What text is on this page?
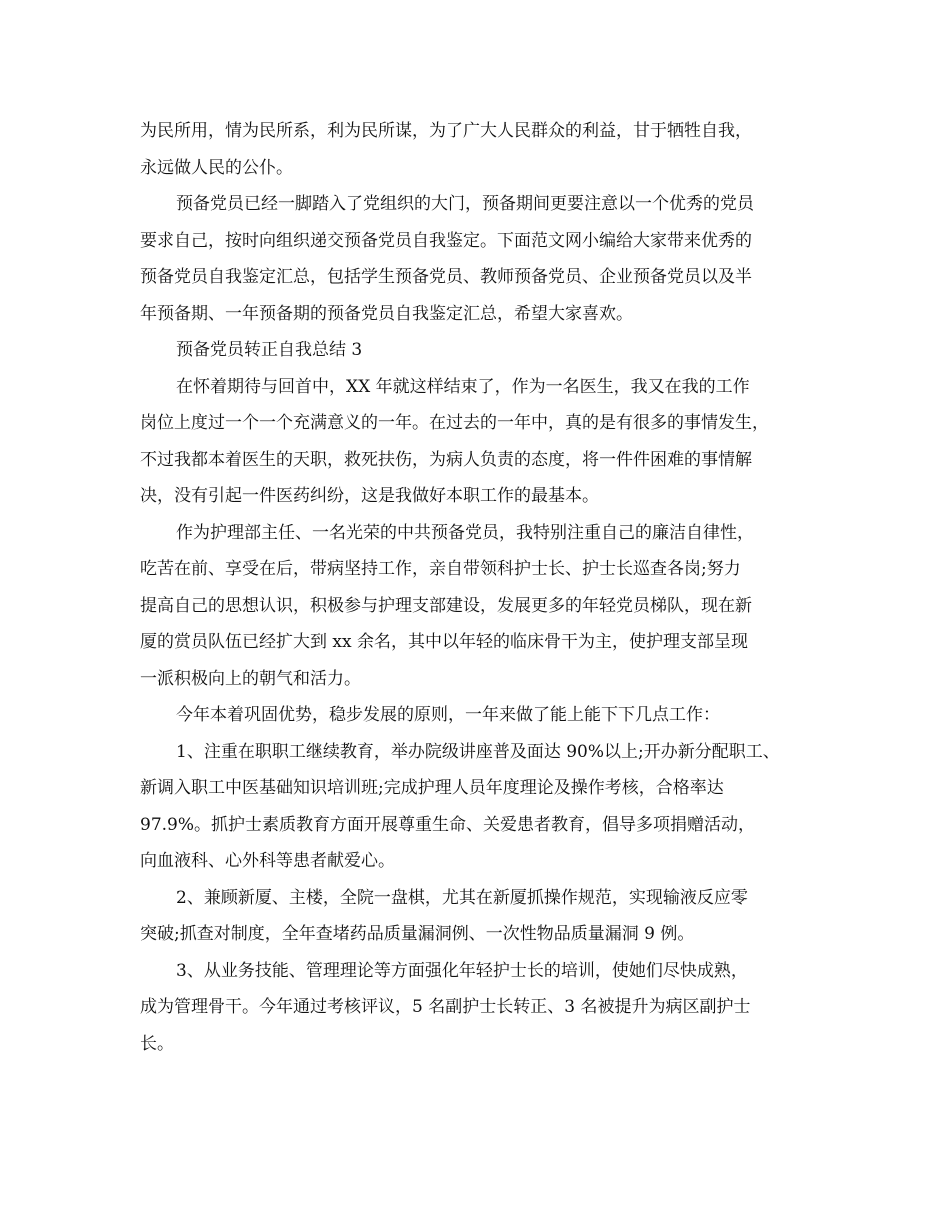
为民所用，情为民所系，利为民所谋，为了广大人民群众的利益，甘于牺牲自我，
永远做人民的公仆。
预备党员已经一脚踏入了党组织的大门，预备期间更要注意以一个优秀的党员
要求自己，按时向组织递交预备党员自我鉴定。下面范文网小编给大家带来优秀的
预备党员自我鉴定汇总，包括学生预备党员、教师预备党员、企业预备党员以及半
年预备期、一年预备期的预备党员自我鉴定汇总，希望大家喜欢。
预备党员转正自我总结 3
在怀着期待与回首中，XX 年就这样结束了，作为一名医生，我又在我的工作
岗位上度过一个一个充满意义的一年。在过去的一年中，真的是有很多的事情发生，
不过我都本着医生的天职，救死扶伤，为病人负责的态度，将一件件困难的事情解
决，没有引起一件医药纠纷，这是我做好本职工作的最基本。
作为护理部主任、一名光荣的中共预备党员，我特别注重自己的廉洁自律性，
吃苦在前、享受在后，带病坚持工作，亲自带领科护士长、护士长巡查各岗;努力
提高自己的思想认识，积极参与护理支部建设，发展更多的年轻党员梯队，现在新
厦的赏员队伍已经扩大到 xx 余名，其中以年轻的临床骨干为主，使护理支部呈现
一派积极向上的朝气和活力。
今年本着巩固优势，稳步发展的原则，一年来做了能上能下下几点工作：
1、注重在职职工继续教育，举办院级讲座普及面达 90%以上;开办新分配职工、
新调入职工中医基础知识培训班;完成护理人员年度理论及操作考核，合格率达
97.9%。抓护士素质教育方面开展尊重生命、关爱患者教育，倡导多项捐赠活动，
向血液科、心外科等患者献爱心。
2、兼顾新厦、主楼，全院一盘棋，尤其在新厦抓操作规范，实现输液反应零
突破;抓查对制度，全年查堵药品质量漏洞例、一次性物品质量漏洞 9 例。
3、从业务技能、管理理论等方面强化年轻护士长的培训，使她们尽快成熟，
成为管理骨干。今年通过考核评议，5 名副护士长转正、3 名被提升为病区副护士
长。
